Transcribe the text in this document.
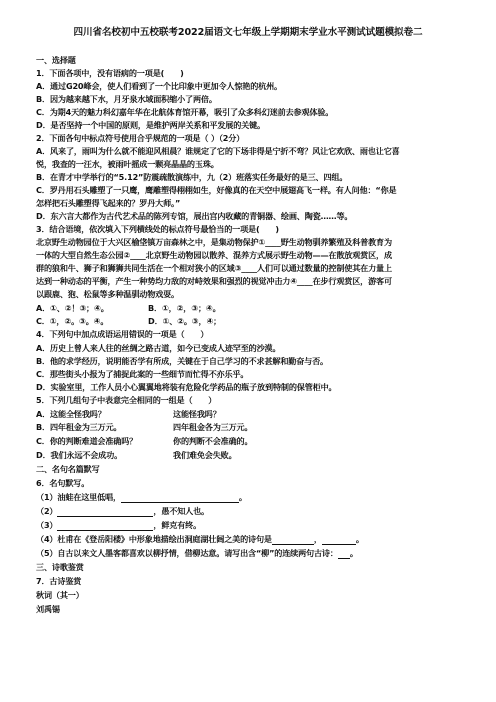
四川省名校初中五校联考2022届语文七年级上学期期末学业水平测试试题模拟卷二
一、选择题
1．下面各项中，没有语病的一项是(　　)
A．通过G20峰会，使人们看到了一个比印象中更加令人惊艳的杭州。
B．因为越来越下水，月牙泉水域面积缩小了两倍。
C．为期4天的魅力科幻嘉年华在北航体育馆开幕，吸引了众多科幻迷前去参观体验。
D．是否坚持一个中国的原则，是维护两岸关系和平发展的关键。
2．下面各句中标点符号使用合乎规范的一项是（ ）（2分）
A．风来了，雨叫为什么就不能迎风相晨？谁规定了它的下场非得是宁折不弯？风让它欢欣、雨也让它喜
悦，我查的一汪水，被雨叶摇成一颗亮晶晶的玉珠。
B．在青才中学举行的“5.12”防震疏散演练中，九（2）班落实任务最好的是三、四组。
C．罗丹用石头雕塑了一只鹰，鹰雕塑得栩栩如生，好像真的在天空中展翅高飞一样。有人问他：“你是
怎样把石头雕塑得飞起来的？罗丹大师。”
D．东六言大都作为古代艺术品的陈列专馆，展出宫内收藏的青铜器、绘画、陶瓷……等。
3．结合语境，依次填入下列横线处的标点符号最恰当的一项是(　　)
北京野生动物园位于大兴区榆垡镇万亩森林之中，是集动物保护①____野生动物驯养繁殖及科普教育为
一体的大型自然生态公园②____北京野生动物园以散养、混养方式展示野生动物——在散放观赏区，成
群的狼和牛、狮子和狮狮共同生活在一个相对狭小的区域③____人们可以通过数量的控制使其在力量上
达到一种动态的平衡，产生一种势均力敌的对峙效果和强烈的视觉冲击力④____在步行观赏区，游客可
以跟鹿、狍、松鼠等多种温驯动物戏耍。
A．①、②！③；④。	B．①，②，③；④。
C．①，②。③。④。	D．①、②。③，④；
4．下列句中加点成语运用错误的一项是（　　）
A．历史上曾人来人往的丝绸之路古道，如今已变成人迹罕至的沙漠。
B．他的求学经历，说明能否学有所成，关键在于自己学习的不求甚解和勤奋与否。
C．那些街头小报为了捕捉此案的一些细节而忙得不亦乐乎。
D．实验室里，工作人员小心翼翼地将装有危险化学药品的瓶子放到特制的保管柜中。
5．下列几组句子中表意完全相同的一组是（　　）
A．这能全怪我吗？	这能怪我吗？
B．四年租金为三万元。	四年租金各为三万元。
C．你的判断难道会准确吗？	你的判断不会准确的。
D．我们永远不会成功。	我们难免会失败。
二、名句名篇默写
6．名句默写。
（1）油蛙在这里低唱，	。
（2）	，愚不知人也。
（3）	，鲜克有终。
（4）杜甫在《登岳阳楼》中形象地描绘出洞庭湖壮阔之美的诗句是	，	。
（5）自古以来文人墨客都喜欢以柳抒情，借柳达意。请写出含“柳”的连续两句古诗： 。
三、诗歌鉴赏
7．古诗鉴赏
秋词（其一）
刘禹锡
